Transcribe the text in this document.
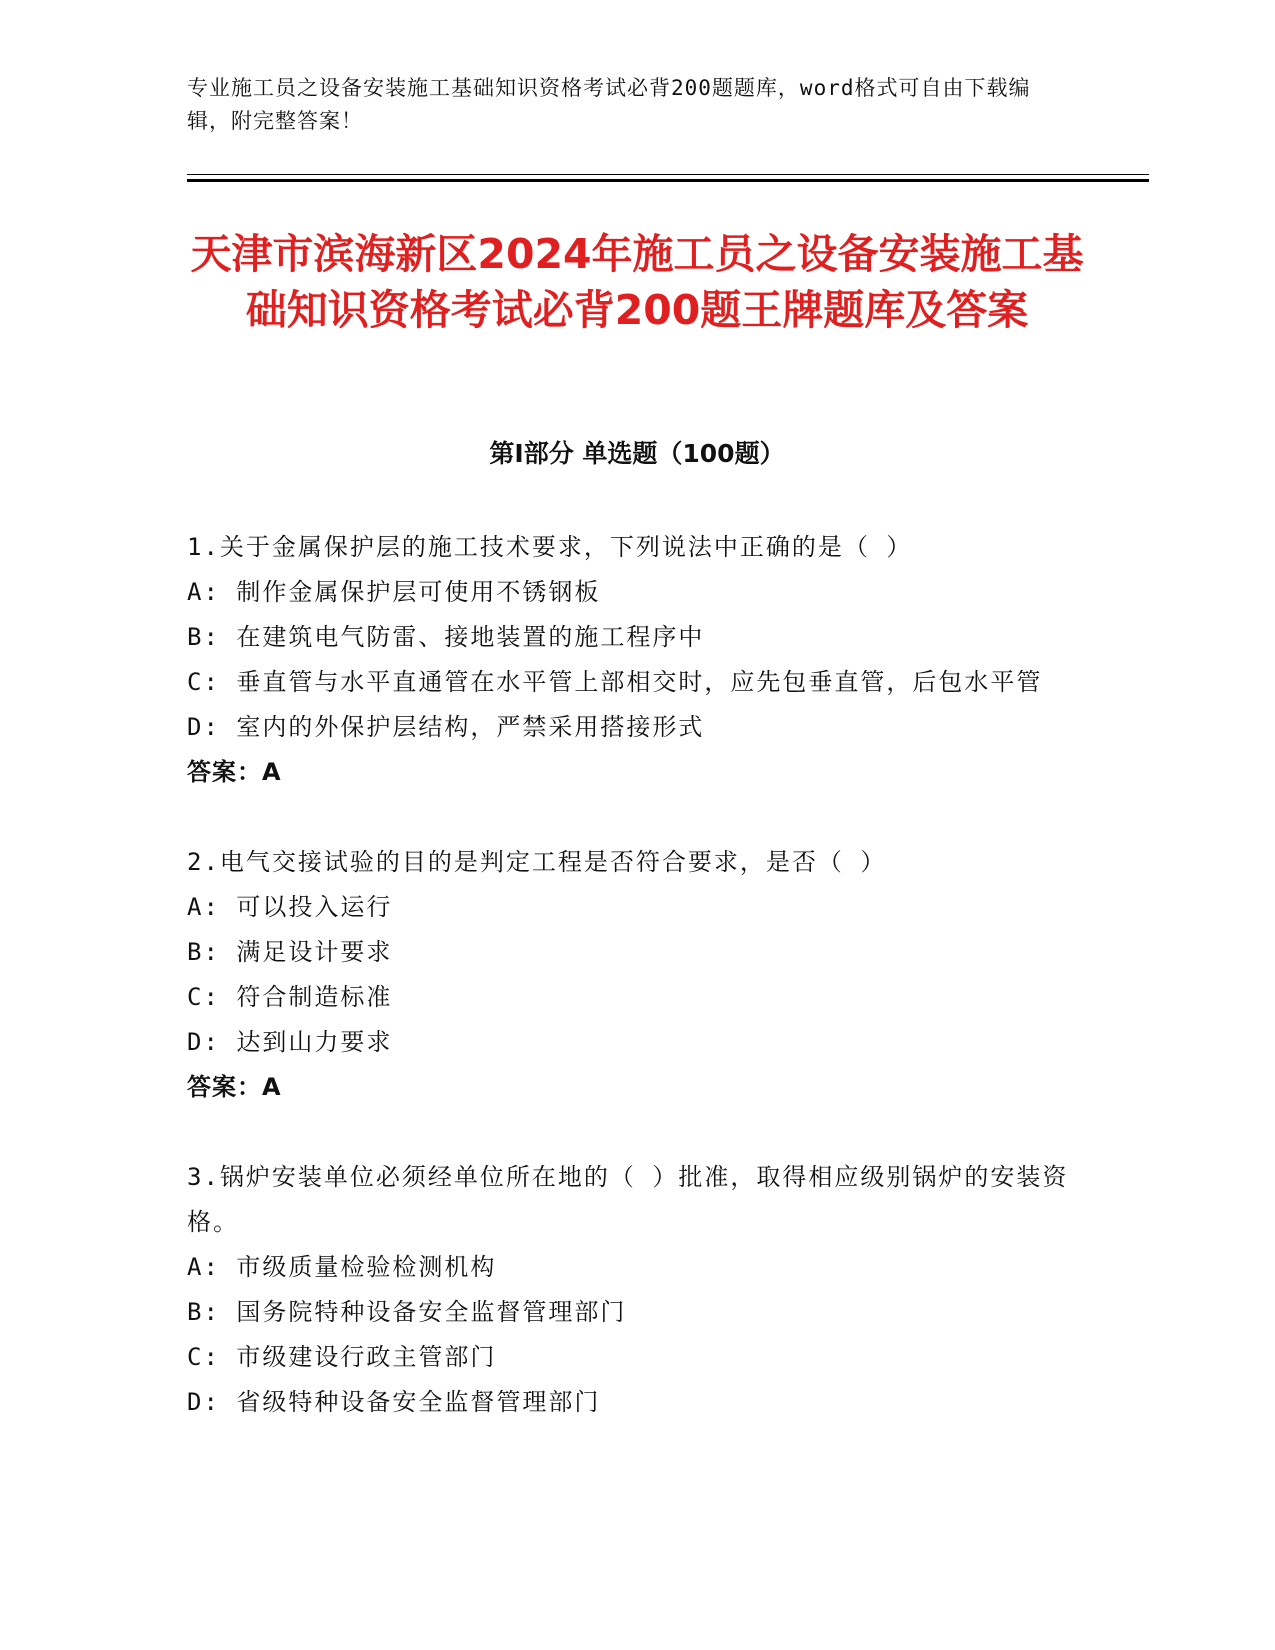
专业施工员之设备安装施工基础知识资格考试必背200题题库，word格式可自由下载编辑，附完整答案！
天津市滨海新区2024年施工员之设备安装施工基础知识资格考试必背200题王牌题库及答案
第Ⅰ部分 单选题（100题）

1.关于金属保护层的施工技术要求，下列说法中正确的是（ ）

A: 制作金属保护层可使用不锈钢板

B: 在建筑电气防雷、接地装置的施工程序中

C: 垂直管与水平直通管在水平管上部相交时，应先包垂直管，后包水平管

D: 室内的外保护层结构，严禁采用搭接形式

答案：A

2.电气交接试验的目的是判定工程是否符合要求，是否（ ）

A: 可以投入运行

B: 满足设计要求

C: 符合制造标准

D: 达到山力要求

答案：A

3.锅炉安装单位必须经单位所在地的（ ）批准，取得相应级别锅炉的安装资格。

A: 市级质量检验检测机构

B: 国务院特种设备安全监督管理部门

C: 市级建设行政主管部门

D: 省级特种设备安全监督管理部门
